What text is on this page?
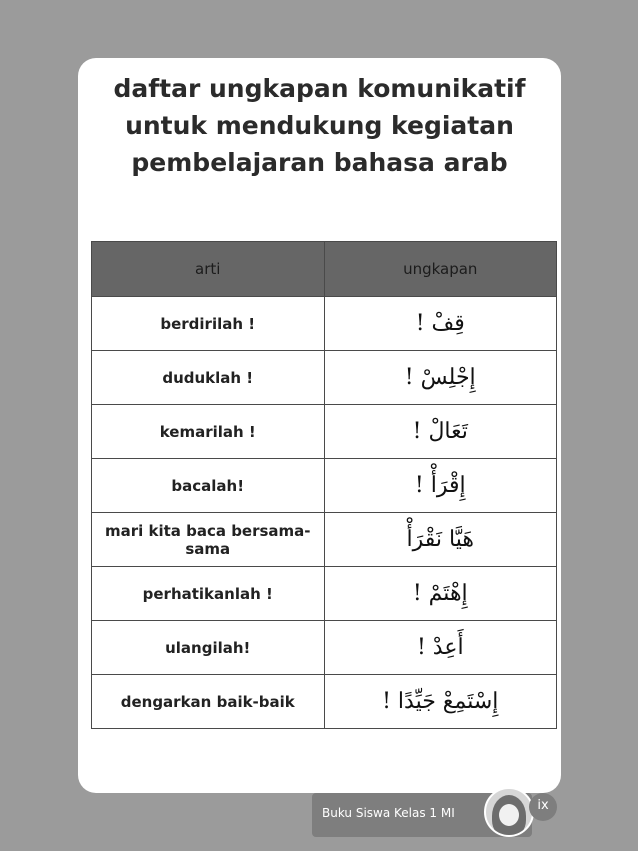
daftar ungkapan komunikatif
untuk mendukung kegiatan
pembelajaran bahasa arab
arti	ungkapan
berdirilah !	قِفْ !
duduklah !	إِجْلِسْ !
kemarilah !	تَعَالْ !
bacalah!	إِقْرَأْ !
mari kita baca bersama-sama	هَيَّا نَقْرَأْ
perhatikanlah !	إِهْتَمْ !
ulangilah!	أَعِدْ !
dengarkan baik-baik	إِسْتَمِعْ جَيِّدًا !
Buku Siswa Kelas 1 MI	ix
